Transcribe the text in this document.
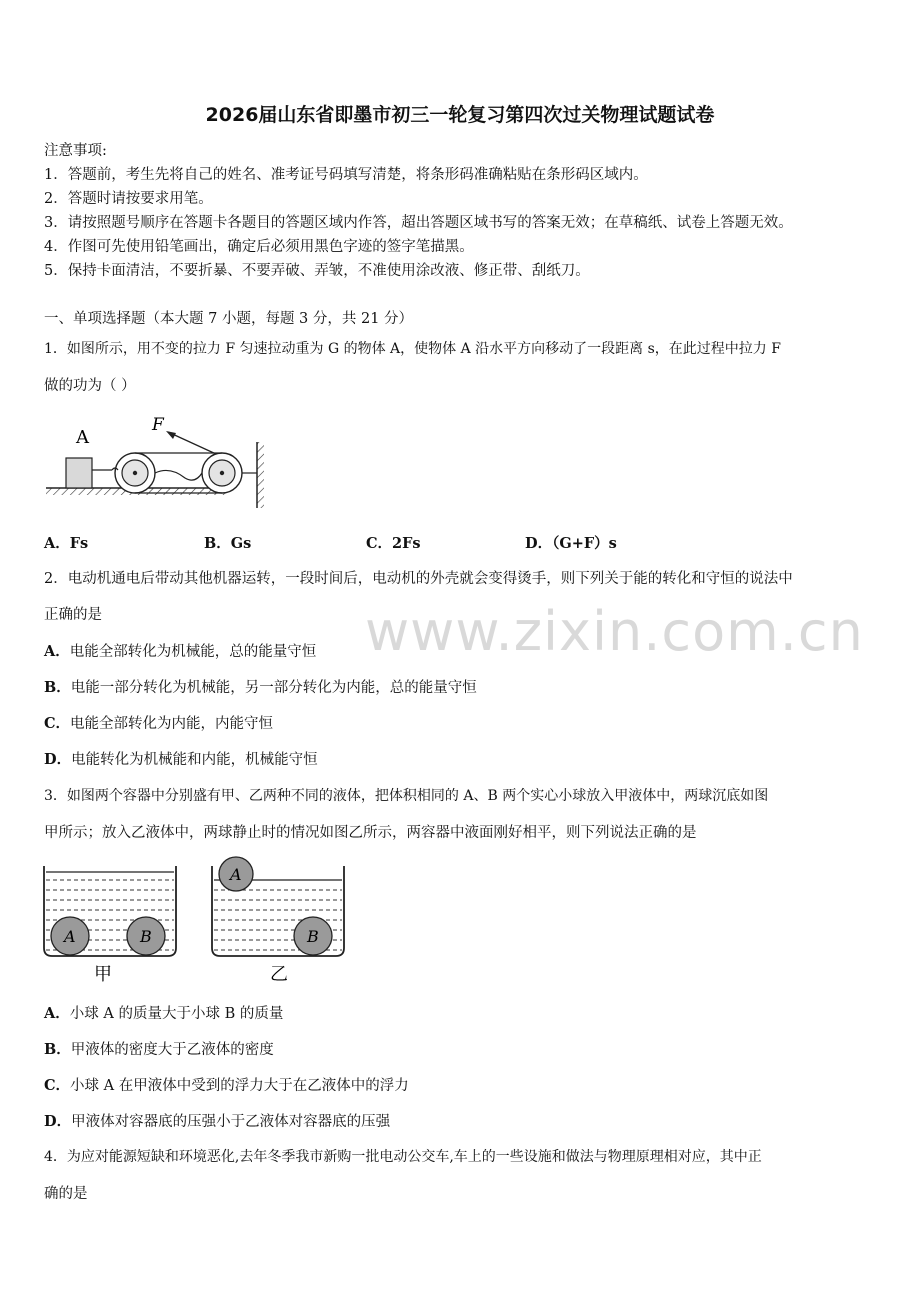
2026届山东省即墨市初三一轮复习第四次过关物理试题试卷
注意事项:
1．答题前，考生先将自己的姓名、准考证号码填写清楚，将条形码准确粘贴在条形码区域内。
2．答题时请按要求用笔。
3．请按照题号顺序在答题卡各题目的答题区域内作答，超出答题区域书写的答案无效；在草稿纸、试卷上答题无效。
4．作图可先使用铅笔画出，确定后必须用黑色字迹的签字笔描黑。
5．保持卡面清洁，不要折暴、不要弄破、弄皱，不准使用涂改液、修正带、刮纸刀。
一、单项选择题（本大题 7 小题，每题 3 分，共 21 分）
1．如图所示，用不变的拉力 F 匀速拉动重为 G 的物体 A，使物体 A 沿水平方向移动了一段距离 s，在此过程中拉力 F
做的功为（ ）
A
F
A．Fs	B．Gs	C．2Fs	D．（G+F）s
2．电动机通电后带动其他机器运转，一段时间后，电动机的外壳就会变得烫手，则下列关于能的转化和守恒的说法中
正确的是
A．电能全部转化为机械能，总的能量守恒
B．电能一部分转化为机械能，另一部分转化为内能，总的能量守恒
C．电能全部转化为内能，内能守恒
D．电能转化为机械能和内能，机械能守恒
3．如图两个容器中分别盛有甲、乙两种不同的液体，把体积相同的 A、B 两个实心小球放入甲液体中，两球沉底如图
甲所示；放入乙液体中，两球静止时的情况如图乙所示，两容器中液面刚好相平，则下列说法正确的是
A	B
甲
A
B
乙
A．小球 A 的质量大于小球 B 的质量
B．甲液体的密度大于乙液体的密度
C．小球 A 在甲液体中受到的浮力大于在乙液体中的浮力
D．甲液体对容器底的压强小于乙液体对容器底的压强
4．为应对能源短缺和环境恶化,去年冬季我市新购一批电动公交车,车上的一些设施和做法与物理原理相对应，其中正
确的是
www.zixin.com.cn
